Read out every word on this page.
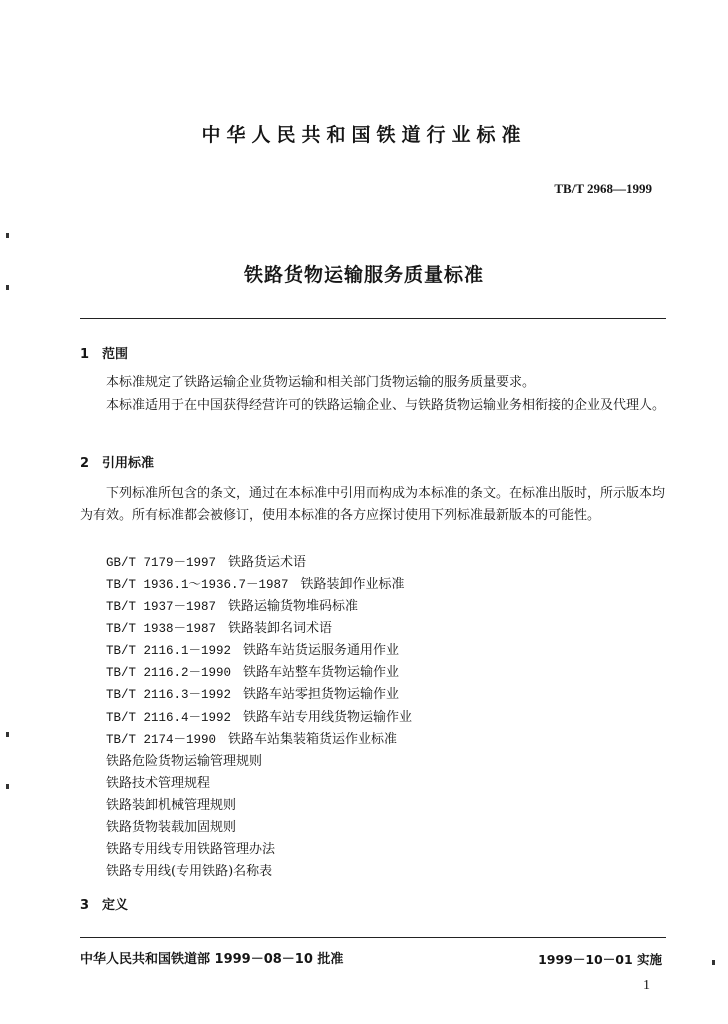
中华人民共和国铁道行业标准
TB/T 2968—1999
铁路货物运输服务质量标准
1 范围
本标准规定了铁路运输企业货物运输和相关部门货物运输的服务质量要求。
本标准适用于在中国获得经营许可的铁路运输企业、与铁路货物运输业务相衔接的企业及代理人。
2 引用标准
下列标准所包含的条文，通过在本标准中引用而构成为本标准的条文。在标准出版时，所示版本均为有效。所有标准都会被修订，使用本标准的各方应探讨使用下列标准最新版本的可能性。
GB/T 7179－1997 铁路货运术语
TB/T 1936.1～1936.7－1987 铁路装卸作业标准
TB/T 1937－1987 铁路运输货物堆码标准
TB/T 1938－1987 铁路装卸名词术语
TB/T 2116.1－1992 铁路车站货运服务通用作业
TB/T 2116.2－1990 铁路车站整车货物运输作业
TB/T 2116.3－1992 铁路车站零担货物运输作业
TB/T 2116.4－1992 铁路车站专用线货物运输作业
TB/T 2174－1990 铁路车站集装箱货运作业标准
铁路危险货物运输管理规则
铁路技术管理规程
铁路装卸机械管理规则
铁路货物装载加固规则
铁路专用线专用铁路管理办法
铁路专用线(专用铁路)名称表
3 定义
中华人民共和国铁道部 1999－08－10 批准	1999－10－01 实施
1
